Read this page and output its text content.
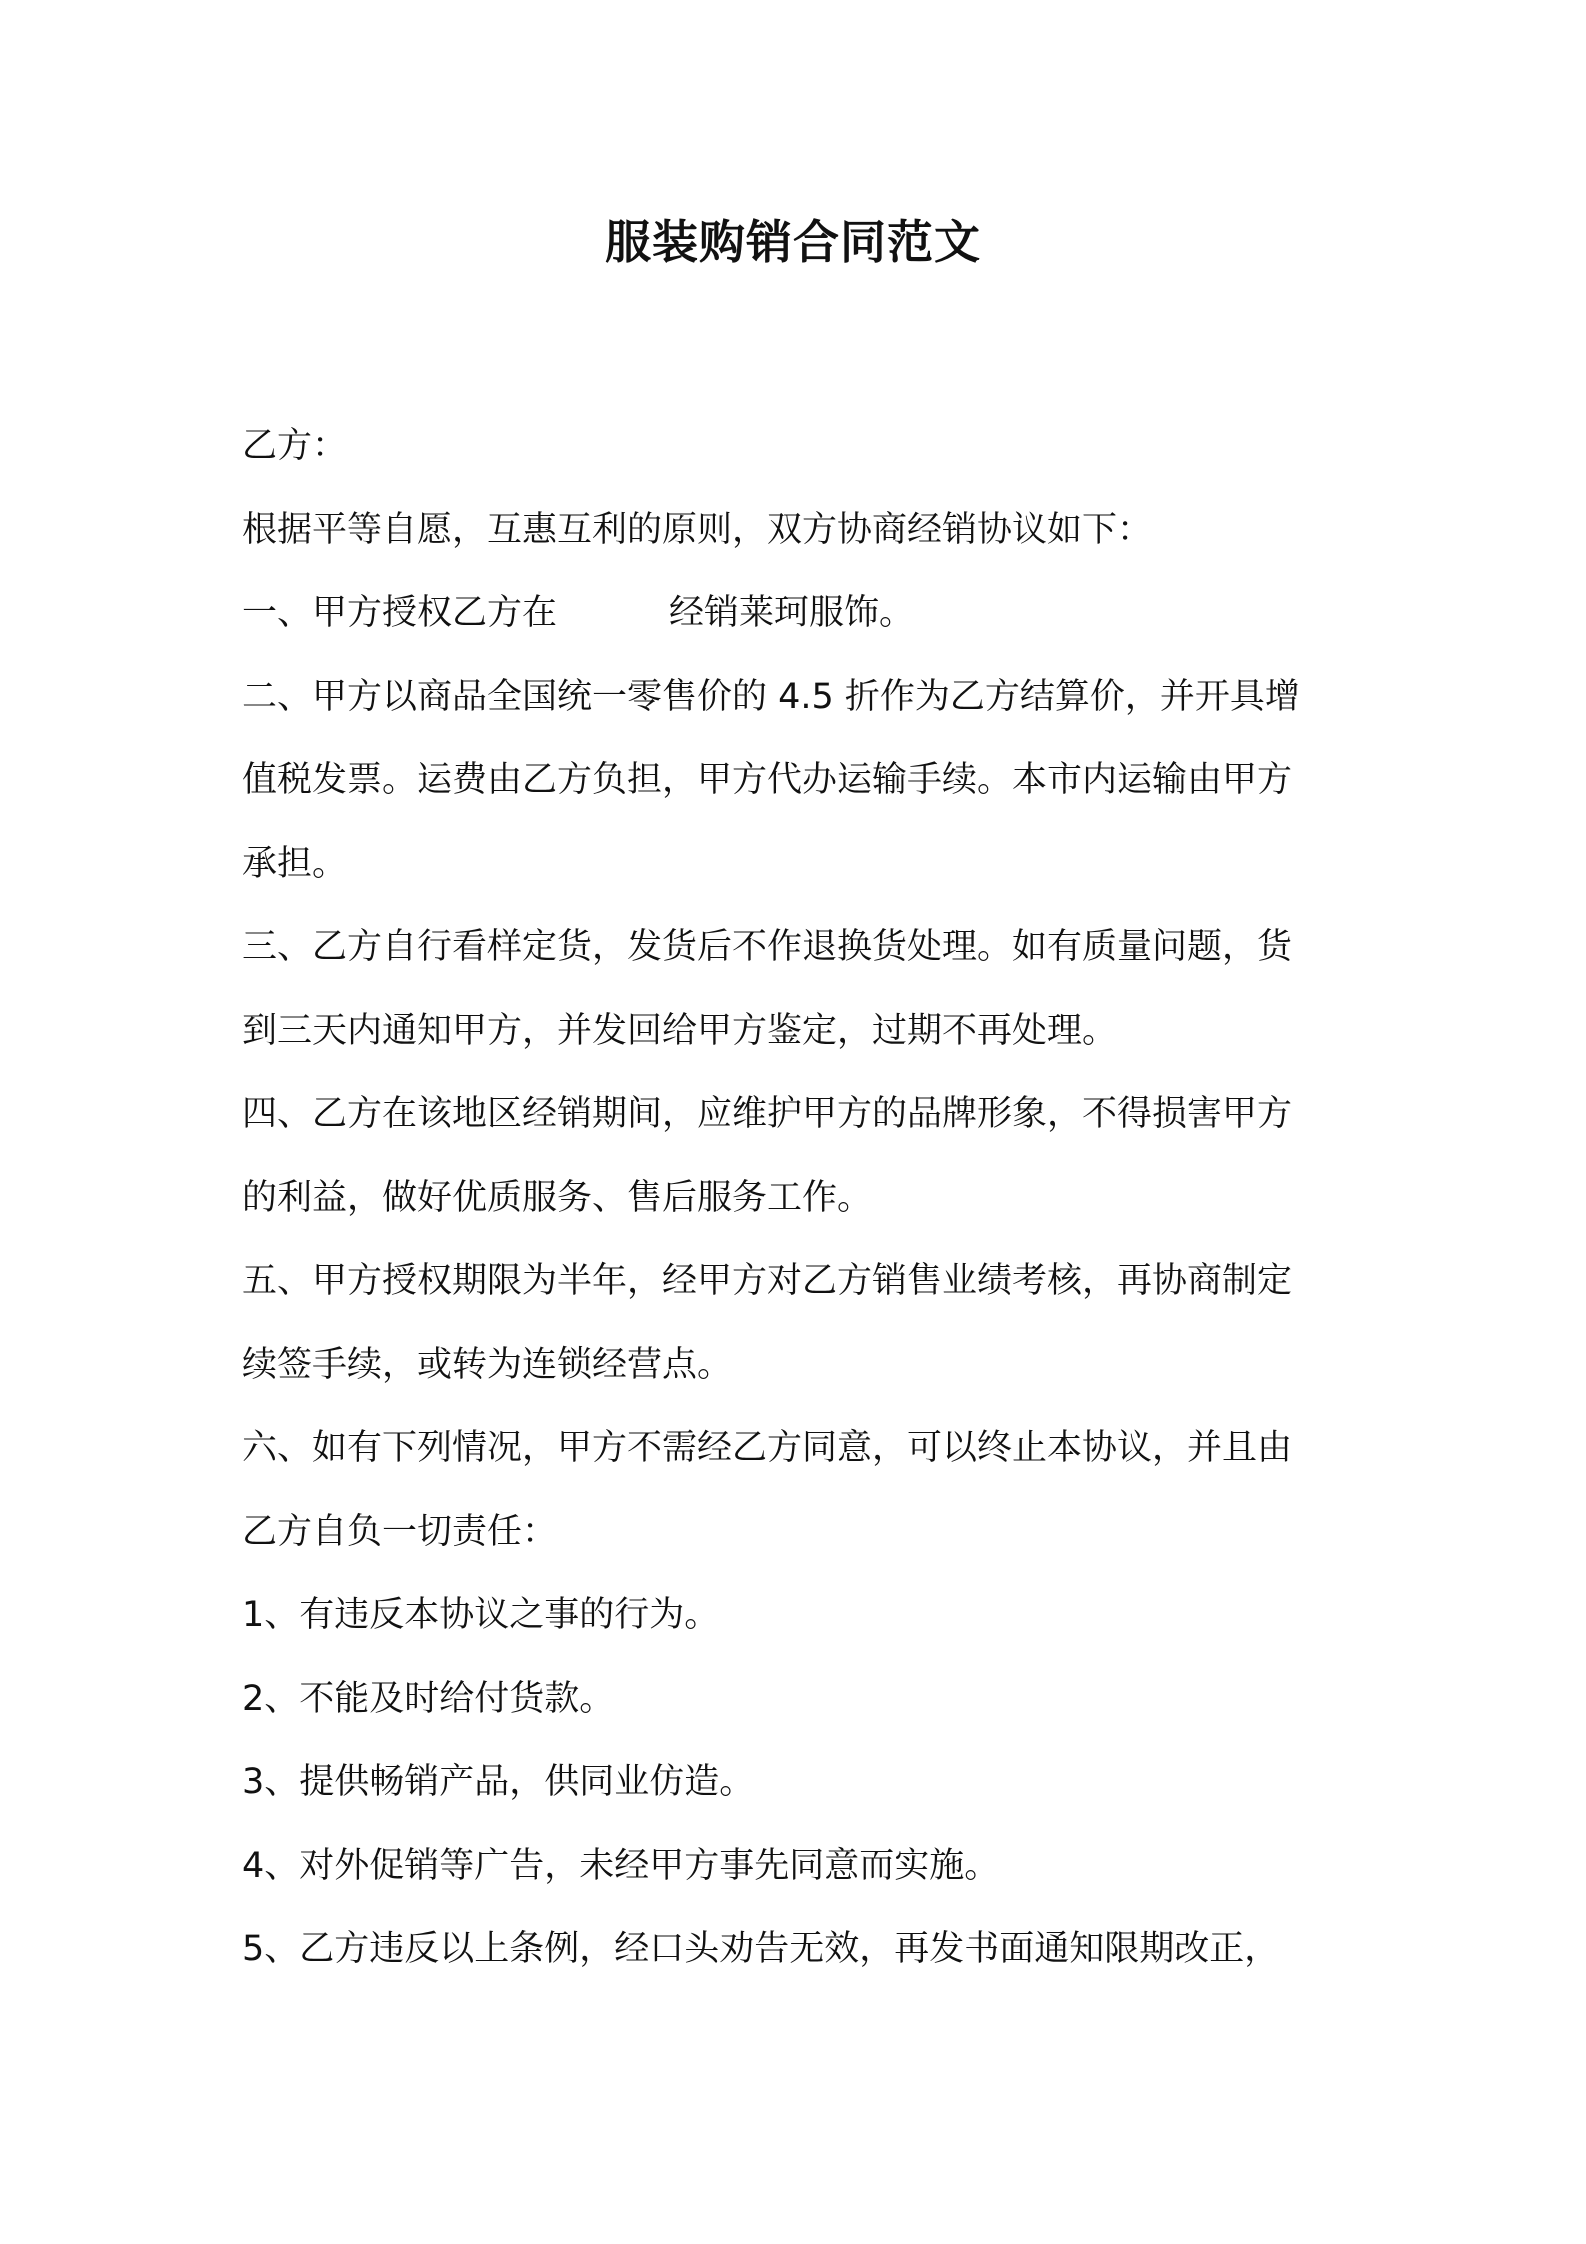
服装购销合同范文

乙方：

根据平等自愿，互惠互利的原则，双方协商经销协议如下：

一、甲方授权乙方在	经销莱珂服饰。

二、甲方以商品全国统一零售价的 4.5 折作为乙方结算价，并开具增

值税发票。运费由乙方负担，甲方代办运输手续。本市内运输由甲方

承担。

三、乙方自行看样定货，发货后不作退换货处理。如有质量问题，货

到三天内通知甲方，并发回给甲方鉴定，过期不再处理。

四、乙方在该地区经销期间，应维护甲方的品牌形象，不得损害甲方

的利益，做好优质服务、售后服务工作。

五、甲方授权期限为半年，经甲方对乙方销售业绩考核，再协商制定

续签手续，或转为连锁经营点。

六、如有下列情况，甲方不需经乙方同意，可以终止本协议，并且由

乙方自负一切责任：

1、有违反本协议之事的行为。

2、不能及时给付货款。

3、提供畅销产品，供同业仿造。

4、对外促销等广告，未经甲方事先同意而实施。

5、乙方违反以上条例，经口头劝告无效，再发书面通知限期改正，
